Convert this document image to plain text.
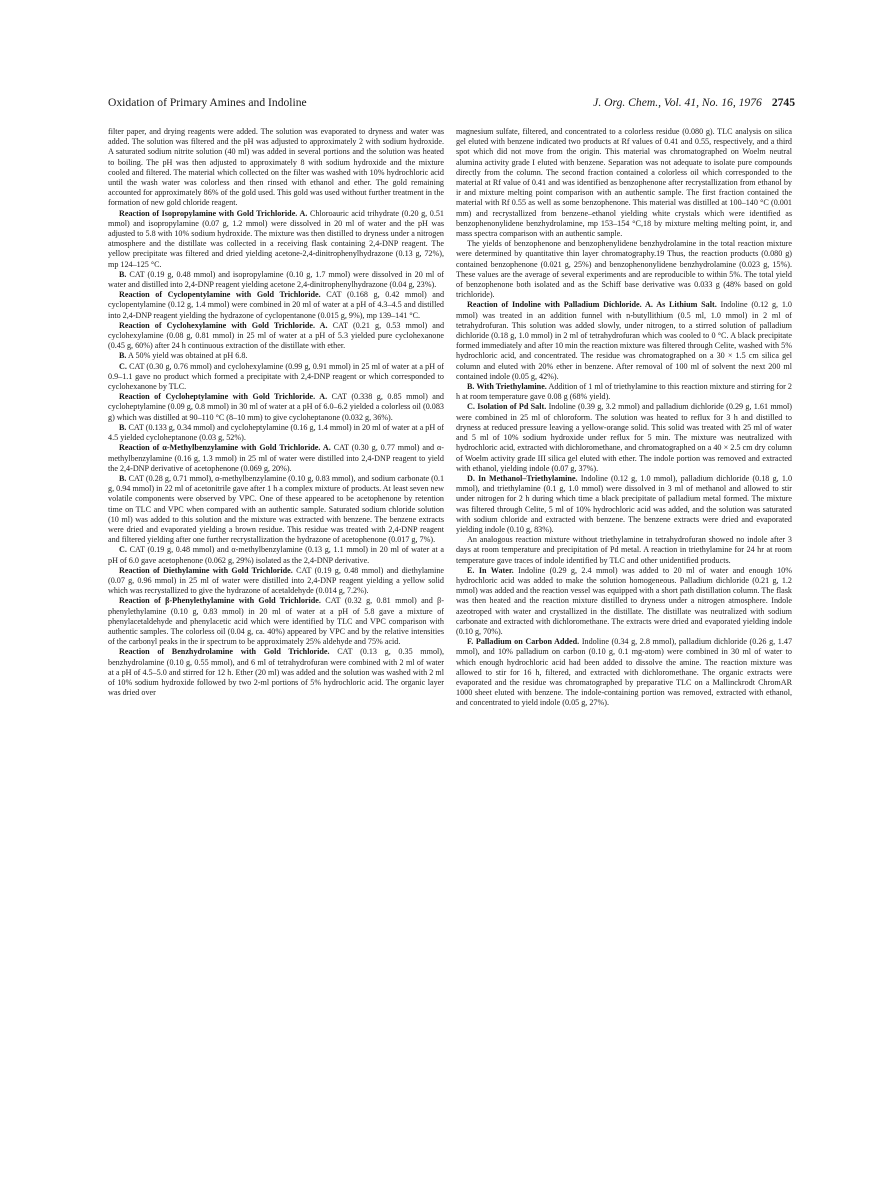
Oxidation of Primary Amines and Indoline	J. Org. Chem., Vol. 41, No. 16, 1976 2745

filter paper, and drying reagents were added. The solution was evaporated to dryness and water was added. The solution was filtered and the pH was adjusted to approximately 2 with sodium hydroxide. A saturated sodium nitrite solution (40 ml) was added in several portions and the solution was heated to boiling. The pH was then adjusted to approximately 8 with sodium hydroxide and the mixture cooled and filtered. The material which collected on the filter was washed with 10% hydrochloric acid until the wash water was colorless and then rinsed with ethanol and ether. The gold remaining accounted for approximately 86% of the gold used. This gold was used without further treatment in the formation of new gold chloride reagent.

Reaction of Isopropylamine with Gold Trichloride. A. Chloroauric acid trihydrate (0.20 g, 0.51 mmol) and isopropylamine (0.07 g, 1.2 mmol) were dissolved in 20 ml of water and the pH was adjusted to 5.8 with 10% sodium hydroxide. The mixture was then distilled to dryness under a nitrogen atmosphere and the distillate was collected in a receiving flask containing 2,4-DNP reagent. The yellow precipitate was filtered and dried yielding acetone-2,4-dinitrophenylhydrazone (0.13 g, 72%), mp 124–125 °C.

B. CAT (0.19 g, 0.48 mmol) and isopropylamine (0.10 g, 1.7 mmol) were dissolved in 20 ml of water and distilled into 2,4-DNP reagent yielding acetone 2,4-dinitrophenylhydrazone (0.04 g, 23%).

Reaction of Cyclopentylamine with Gold Trichloride. CAT (0.168 g, 0.42 mmol) and cyclopentylamine (0.12 g, 1.4 mmol) were combined in 20 ml of water at a pH of 4.3–4.5 and distilled into 2,4-DNP reagent yielding the hydrazone of cyclopentanone (0.015 g, 9%), mp 139–141 °C.

Reaction of Cyclohexylamine with Gold Trichloride. A. CAT (0.21 g, 0.53 mmol) and cyclohexylamine (0.08 g, 0.81 mmol) in 25 ml of water at a pH of 5.3 yielded pure cyclohexanone (0.45 g, 60%) after 24 h continuous extraction of the distillate with ether.

B. A 50% yield was obtained at pH 6.8.

C. CAT (0.30 g, 0.76 mmol) and cyclohexylamine (0.99 g, 0.91 mmol) in 25 ml of water at a pH of 0.9–1.1 gave no product which formed a precipitate with 2,4-DNP reagent or which corresponded to cyclohexanone by TLC.

Reaction of Cycloheptylamine with Gold Trichloride. A. CAT (0.338 g, 0.85 mmol) and cycloheptylamine (0.09 g, 0.8 mmol) in 30 ml of water at a pH of 6.0–6.2 yielded a colorless oil (0.083 g) which was distilled at 90–110 °C (8–10 mm) to give cycloheptanone (0.032 g, 36%).

B. CAT (0.133 g, 0.34 mmol) and cycloheptylamine (0.16 g, 1.4 mmol) in 20 ml of water at a pH of 4.5 yielded cycloheptanone (0.03 g, 52%).

Reaction of α-Methylbenzylamine with Gold Trichloride. A. CAT (0.30 g, 0.77 mmol) and α-methylbenzylamine (0.16 g, 1.3 mmol) in 25 ml of water were distilled into 2,4-DNP reagent to yield the 2,4-DNP derivative of acetophenone (0.069 g, 20%).

B. CAT (0.28 g, 0.71 mmol), α-methylbenzylamine (0.10 g, 0.83 mmol), and sodium carbonate (0.1 g, 0.94 mmol) in 22 ml of acetonitrile gave after 1 h a complex mixture of products. At least seven new volatile components were observed by VPC. One of these appeared to be acetophenone by retention time on TLC and VPC when compared with an authentic sample. Saturated sodium chloride solution (10 ml) was added to this solution and the mixture was extracted with benzene. The benzene extracts were dried and evaporated yielding a brown residue. This residue was treated with 2,4-DNP reagent and filtered yielding after one further recrystallization the hydrazone of acetophenone (0.017 g, 7%).

C. CAT (0.19 g, 0.48 mmol) and α-methylbenzylamine (0.13 g, 1.1 mmol) in 20 ml of water at a pH of 6.0 gave acetophenone (0.062 g, 29%) isolated as the 2,4-DNP derivative.

Reaction of Diethylamine with Gold Trichloride. CAT (0.19 g, 0.48 mmol) and diethylamine (0.07 g, 0.96 mmol) in 25 ml of water were distilled into 2,4-DNP reagent yielding a yellow solid which was recrystallized to give the hydrazone of acetaldehyde (0.014 g, 7.2%).

Reaction of β-Phenylethylamine with Gold Trichloride. CAT (0.32 g, 0.81 mmol) and β-phenylethylamine (0.10 g, 0.83 mmol) in 20 ml of water at a pH of 5.8 gave a mixture of phenylacetaldehyde and phenylacetic acid which were identified by TLC and VPC comparison with authentic samples. The colorless oil (0.04 g, ca. 40%) appeared by VPC and by the relative intensities of the carbonyl peaks in the ir spectrum to be approximately 25% aldehyde and 75% acid.

Reaction of Benzhydrolamine with Gold Trichloride. CAT (0.13 g, 0.35 mmol), benzhydrolamine (0.10 g, 0.55 mmol), and 6 ml of tetrahydrofuran were combined with 2 ml of water at a pH of 4.5–5.0 and stirred for 12 h. Ether (20 ml) was added and the solution was washed with 2 ml of 10% sodium hydroxide followed by two 2-ml portions of 5% hydrochloric acid. The organic layer was dried over

magnesium sulfate, filtered, and concentrated to a colorless residue (0.080 g). TLC analysis on silica gel eluted with benzene indicated two products at Rf values of 0.41 and 0.55, respectively, and a third spot which did not move from the origin. This material was chromatographed on Woelm neutral alumina activity grade I eluted with benzene. Separation was not adequate to isolate pure compounds directly from the column. The second fraction contained a colorless oil which corresponded to the material at Rf value of 0.41 and was identified as benzophenone after recrystallization from ethanol by ir and mixture melting point comparison with an authentic sample. The first fraction contained the material with Rf 0.55 as well as some benzophenone. This material was distilled at 100–140 °C (0.001 mm) and recrystallized from benzene–ethanol yielding white crystals which were identified as benzophenonylidene benzhydrolamine, mp 153–154 °C,18 by mixture melting melting point, ir, and mass spectra comparison with an authentic sample.

The yields of benzophenone and benzophenylidene benzhydrolamine in the total reaction mixture were determined by quantitative thin layer chromatography.19 Thus, the reaction products (0.080 g) contained benzophenone (0.021 g, 25%) and benzophenonylidene benzhydrolamine (0.023 g, 15%). These values are the average of several experiments and are reproducible to within 5%. The total yield of benzophenone both isolated and as the Schiff base derivative was 0.033 g (48% based on gold trichloride).

Reaction of Indoline with Palladium Dichloride. A. As Lithium Salt. Indoline (0.12 g, 1.0 mmol) was treated in an addition funnel with n-butyllithium (0.5 ml, 1.0 mmol) in 2 ml of tetrahydrofuran. This solution was added slowly, under nitrogen, to a stirred solution of palladium dichloride (0.18 g, 1.0 mmol) in 2 ml of tetrahydrofuran which was cooled to 0 °C. A black precipitate formed immediately and after 10 min the reaction mixture was filtered through Celite, washed with 5% hydrochloric acid, and concentrated. The residue was chromatographed on a 30 × 1.5 cm silica gel column and eluted with 20% ether in benzene. After removal of 100 ml of solvent the next 200 ml contained indole (0.05 g, 42%).

B. With Triethylamine. Addition of 1 ml of triethylamine to this reaction mixture and stirring for 2 h at room temperature gave 0.08 g (68% yield).

C. Isolation of Pd Salt. Indoline (0.39 g, 3.2 mmol) and palladium dichloride (0.29 g, 1.61 mmol) were combined in 25 ml of chloroform. The solution was heated to reflux for 3 h and distilled to dryness at reduced pressure leaving a yellow-orange solid. This solid was treated with 25 ml of water and 5 ml of 10% sodium hydroxide under reflux for 5 min. The mixture was neutralized with hydrochloric acid, extracted with dichloromethane, and chromatographed on a 40 × 2.5 cm dry column of Woelm activity grade III silica gel eluted with ether. The indole portion was removed and extracted with ethanol, yielding indole (0.07 g, 37%).

D. In Methanol–Triethylamine. Indoline (0.12 g, 1.0 mmol), palladium dichloride (0.18 g, 1.0 mmol), and triethylamine (0.1 g, 1.0 mmol) were dissolved in 3 ml of methanol and allowed to stir under nitrogen for 2 h during which time a black precipitate of palladium metal formed. The mixture was filtered through Celite, 5 ml of 10% hydrochloric acid was added, and the solution was saturated with sodium chloride and extracted with benzene. The benzene extracts were dried and evaporated yielding indole (0.10 g, 83%).

An analogous reaction mixture without triethylamine in tetrahydrofuran showed no indole after 3 days at room temperature and precipitation of Pd metal. A reaction in triethylamine for 24 hr at room temperature gave traces of indole identified by TLC and other unidentified products.

E. In Water. Indoline (0.29 g, 2.4 mmol) was added to 20 ml of water and enough 10% hydrochloric acid was added to make the solution homogeneous. Palladium dichloride (0.21 g, 1.2 mmol) was added and the reaction vessel was equipped with a short path distillation column. The flask was then heated and the reaction mixture distilled to dryness under a nitrogen atmosphere. Indole azeotroped with water and crystallized in the distillate. The distillate was neutralized with sodium carbonate and extracted with dichloromethane. The extracts were dried and evaporated yielding indole (0.10 g, 70%).

F. Palladium on Carbon Added. Indoline (0.34 g, 2.8 mmol), palladium dichloride (0.26 g, 1.47 mmol), and 10% palladium on carbon (0.10 g, 0.1 mg-atom) were combined in 30 ml of water to which enough hydrochloric acid had been added to dissolve the amine. The reaction mixture was allowed to stir for 16 h, filtered, and extracted with dichloromethane. The organic extracts were evaporated and the residue was chromatographed by preparative TLC on a Mallinckrodt ChromAR 1000 sheet eluted with benzene. The indole-containing portion was removed, extracted with ethanol, and concentrated to yield indole (0.05 g, 27%).
